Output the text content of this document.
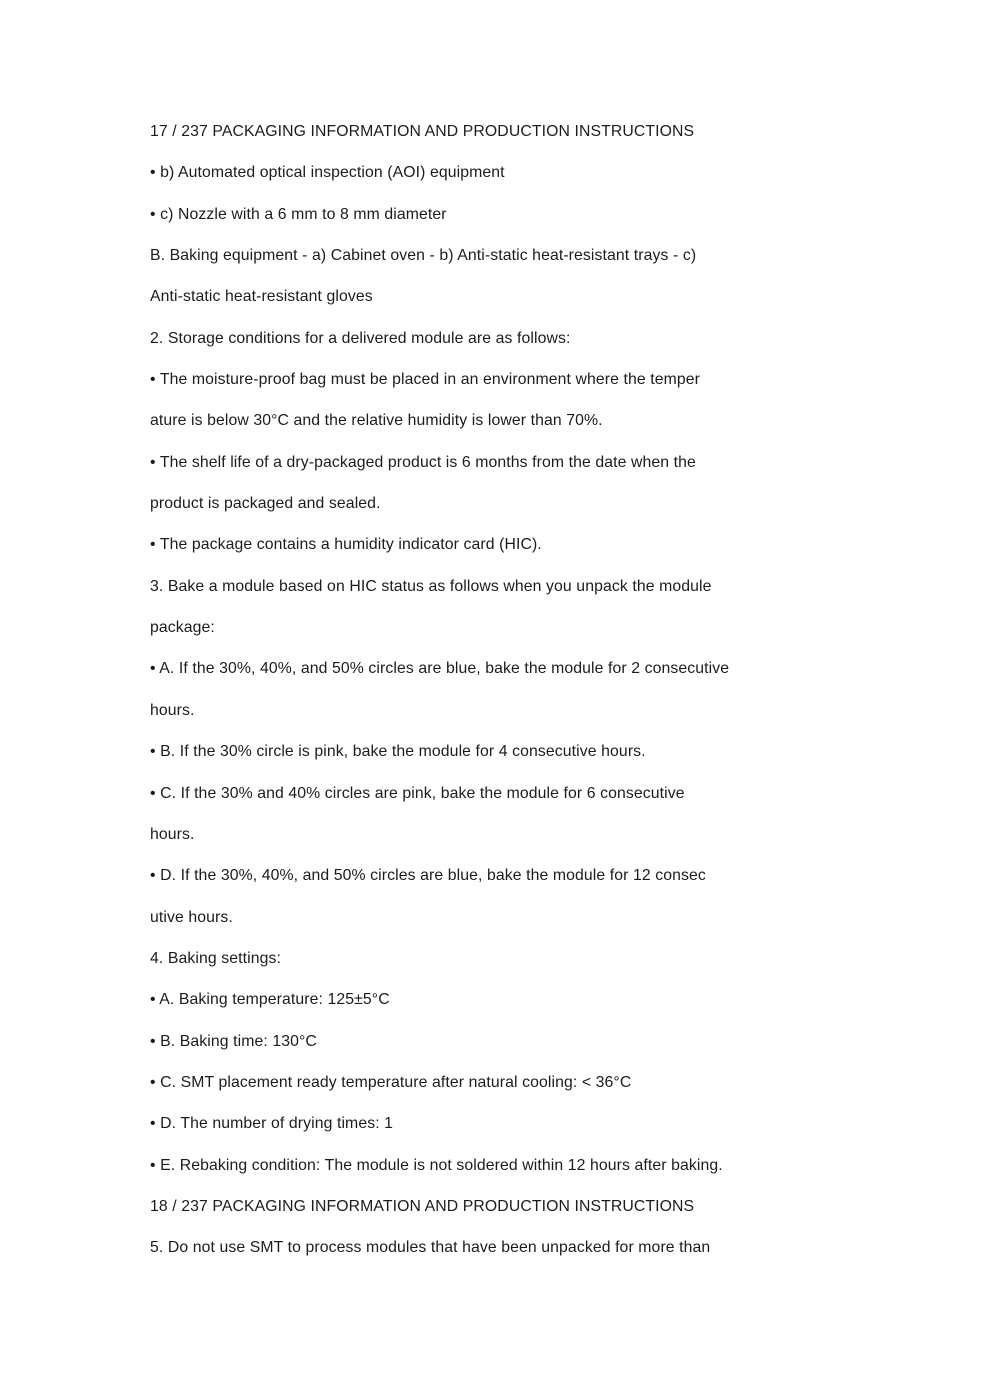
17 / 237 PACKAGING INFORMATION AND PRODUCTION INSTRUCTIONS

• b) Automated optical inspection (AOI) equipment

• c) Nozzle with a 6 mm to 8 mm diameter

B. Baking equipment - a) Cabinet oven - b) Anti-static heat-resistant trays - c)

Anti-static heat-resistant gloves

2. Storage conditions for a delivered module are as follows:

• The moisture-proof bag must be placed in an environment where the temper

ature is below 30°C and the relative humidity is lower than 70%.

• The shelf life of a dry-packaged product is 6 months from the date when the

product is packaged and sealed.

• The package contains a humidity indicator card (HIC).

3. Bake a module based on HIC status as follows when you unpack the module

package:

• A. If the 30%, 40%, and 50% circles are blue, bake the module for 2 consecutive

hours.

• B. If the 30% circle is pink, bake the module for 4 consecutive hours.

• C. If the 30% and 40% circles are pink, bake the module for 6 consecutive

hours.

• D. If the 30%, 40%, and 50% circles are blue, bake the module for 12 consec

utive hours.

4. Baking settings:

• A. Baking temperature: 125±5°C

• B. Baking time: 130°C

• C. SMT placement ready temperature after natural cooling: < 36°C

• D. The number of drying times: 1

• E. Rebaking condition: The module is not soldered within 12 hours after baking.

18 / 237 PACKAGING INFORMATION AND PRODUCTION INSTRUCTIONS

5. Do not use SMT to process modules that have been unpacked for more than
